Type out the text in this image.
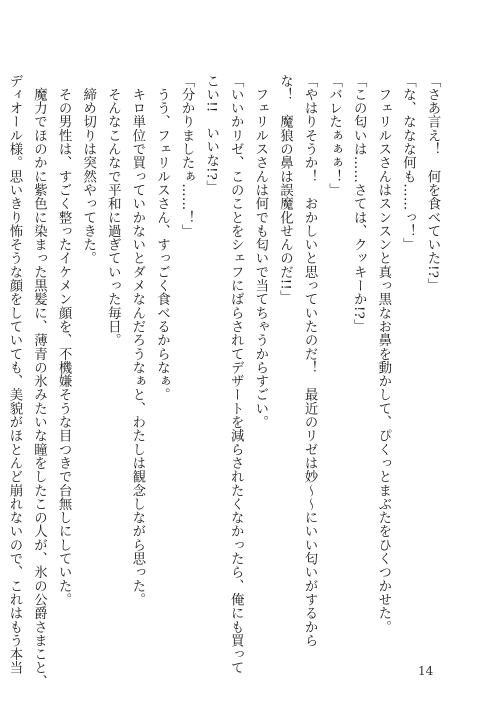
「さあ言え！　何を食べていた!?」
「な、ななな何も……っ！」
　フェリルスさんはスンスンと真っ黒なお鼻を動かして、ぴくっとまぶたをひくつかせた。
「この匂いは……さては、クッキーか!?」
「バレたぁぁぁ！」
「やはりそうか！　おかしいと思っていたのだ！　最近のリゼは妙〜〜にいい匂いがするから
な！　魔狼の鼻は誤魔化せんのだ!!」
　フェリルスさんは何でも匂いで当てちゃうからすごい。
「いいかリゼ、このことをシェフにばらされてデザートを減らされたくなかったら、俺にも買って
こい!!　いいな!?」
「分かりましたぁ……！」
　うう、フェリルスさん、すっごく食べるからなぁ。
　キロ単位で買っていかないとダメなんだろうなぁと、わたしは観念しながら思った。
　そんなこんなで平和に過ぎていった毎日。
　締め切りは突然やってきた。
　その男性は、すごく整ったイケメン顔を、不機嫌そうな目つきで台無しにしていた。
　魔力でほのかに紫色に染まった黒髪に、薄青の氷みたいな瞳をしたこの人が、氷の公爵さまこと、
ディオール様。思いきり怖そうな顔をしていても、美貌がほとんど崩れないので、これはもう本当	14
